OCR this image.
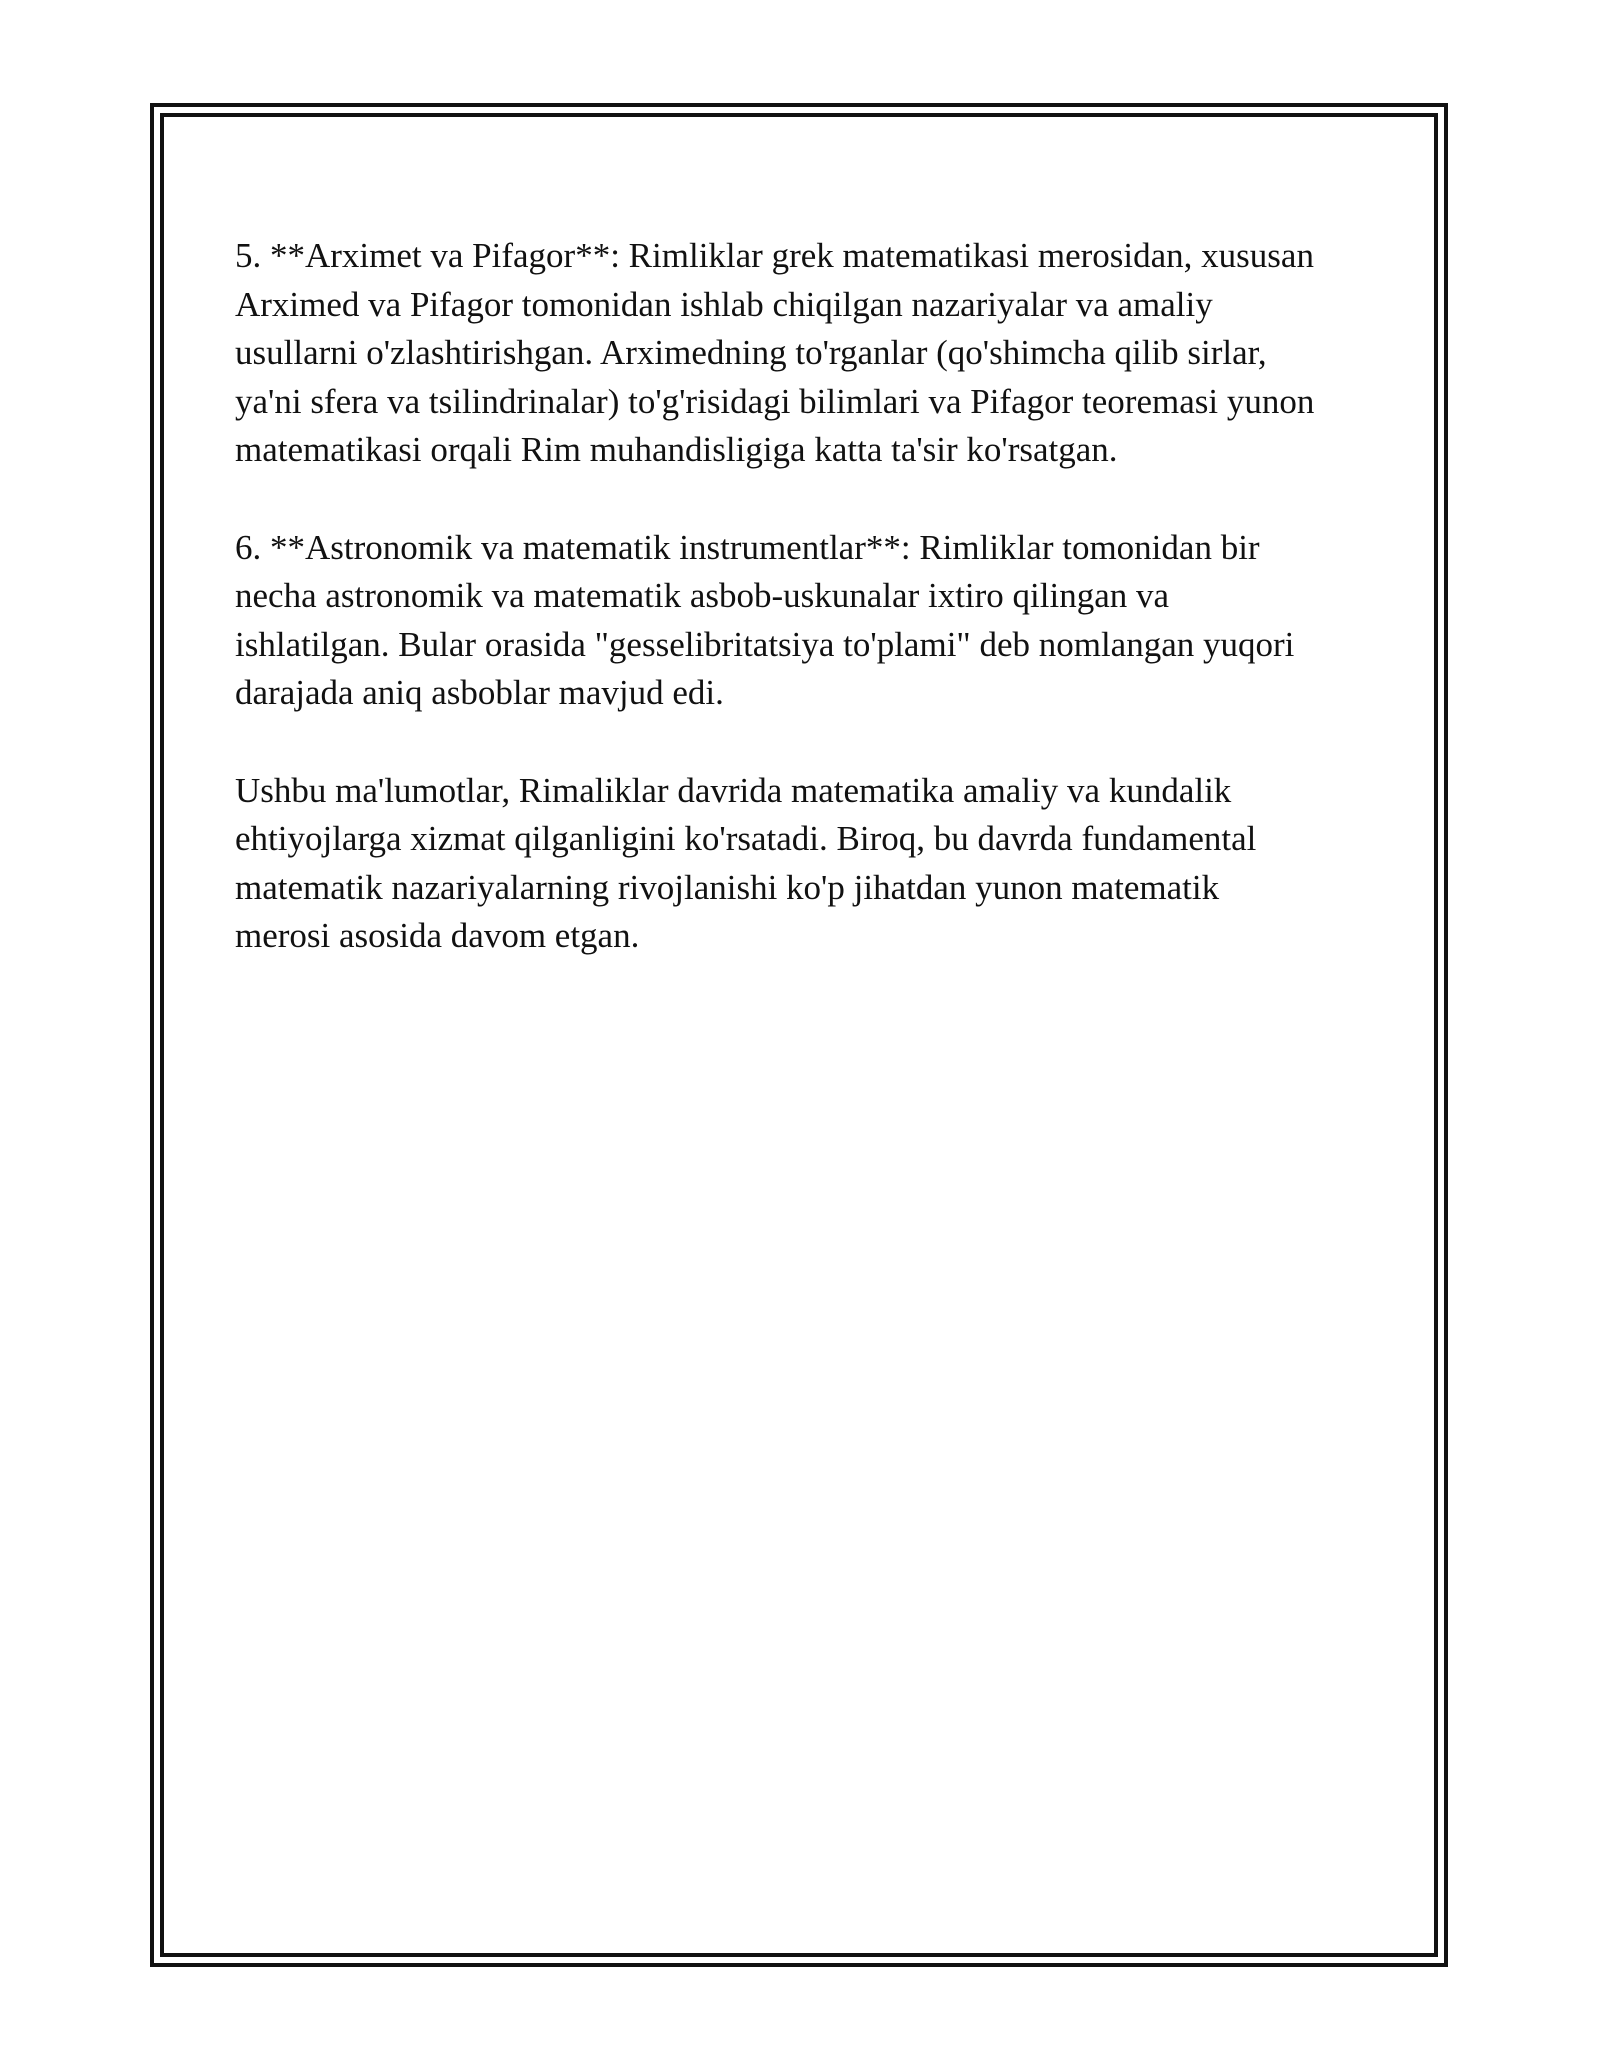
5. **Arximet va Pifagor**: Rimliklar grek matematikasi merosidan, xususan
Arximed va Pifagor tomonidan ishlab chiqilgan nazariyalar va amaliy
usullarni o'zlashtirishgan. Arximedning to'rganlar (qo'shimcha qilib sirlar,
ya'ni sfera va tsilindrinalar) to'g'risidagi bilimlari va Pifagor teoremasi yunon
matematikasi orqali Rim muhandisligiga katta ta'sir ko'rsatgan.

6. **Astronomik va matematik instrumentlar**: Rimliklar tomonidan bir
necha astronomik va matematik asbob-uskunalar ixtiro qilingan va
ishlatilgan. Bular orasida "gesselibritatsiya to'plami" deb nomlangan yuqori
darajada aniq asboblar mavjud edi.

Ushbu ma'lumotlar, Rimaliklar davrida matematika amaliy va kundalik
ehtiyojlarga xizmat qilganligini ko'rsatadi. Biroq, bu davrda fundamental
matematik nazariyalarning rivojlanishi ko'p jihatdan yunon matematik
merosi asosida davom etgan.
